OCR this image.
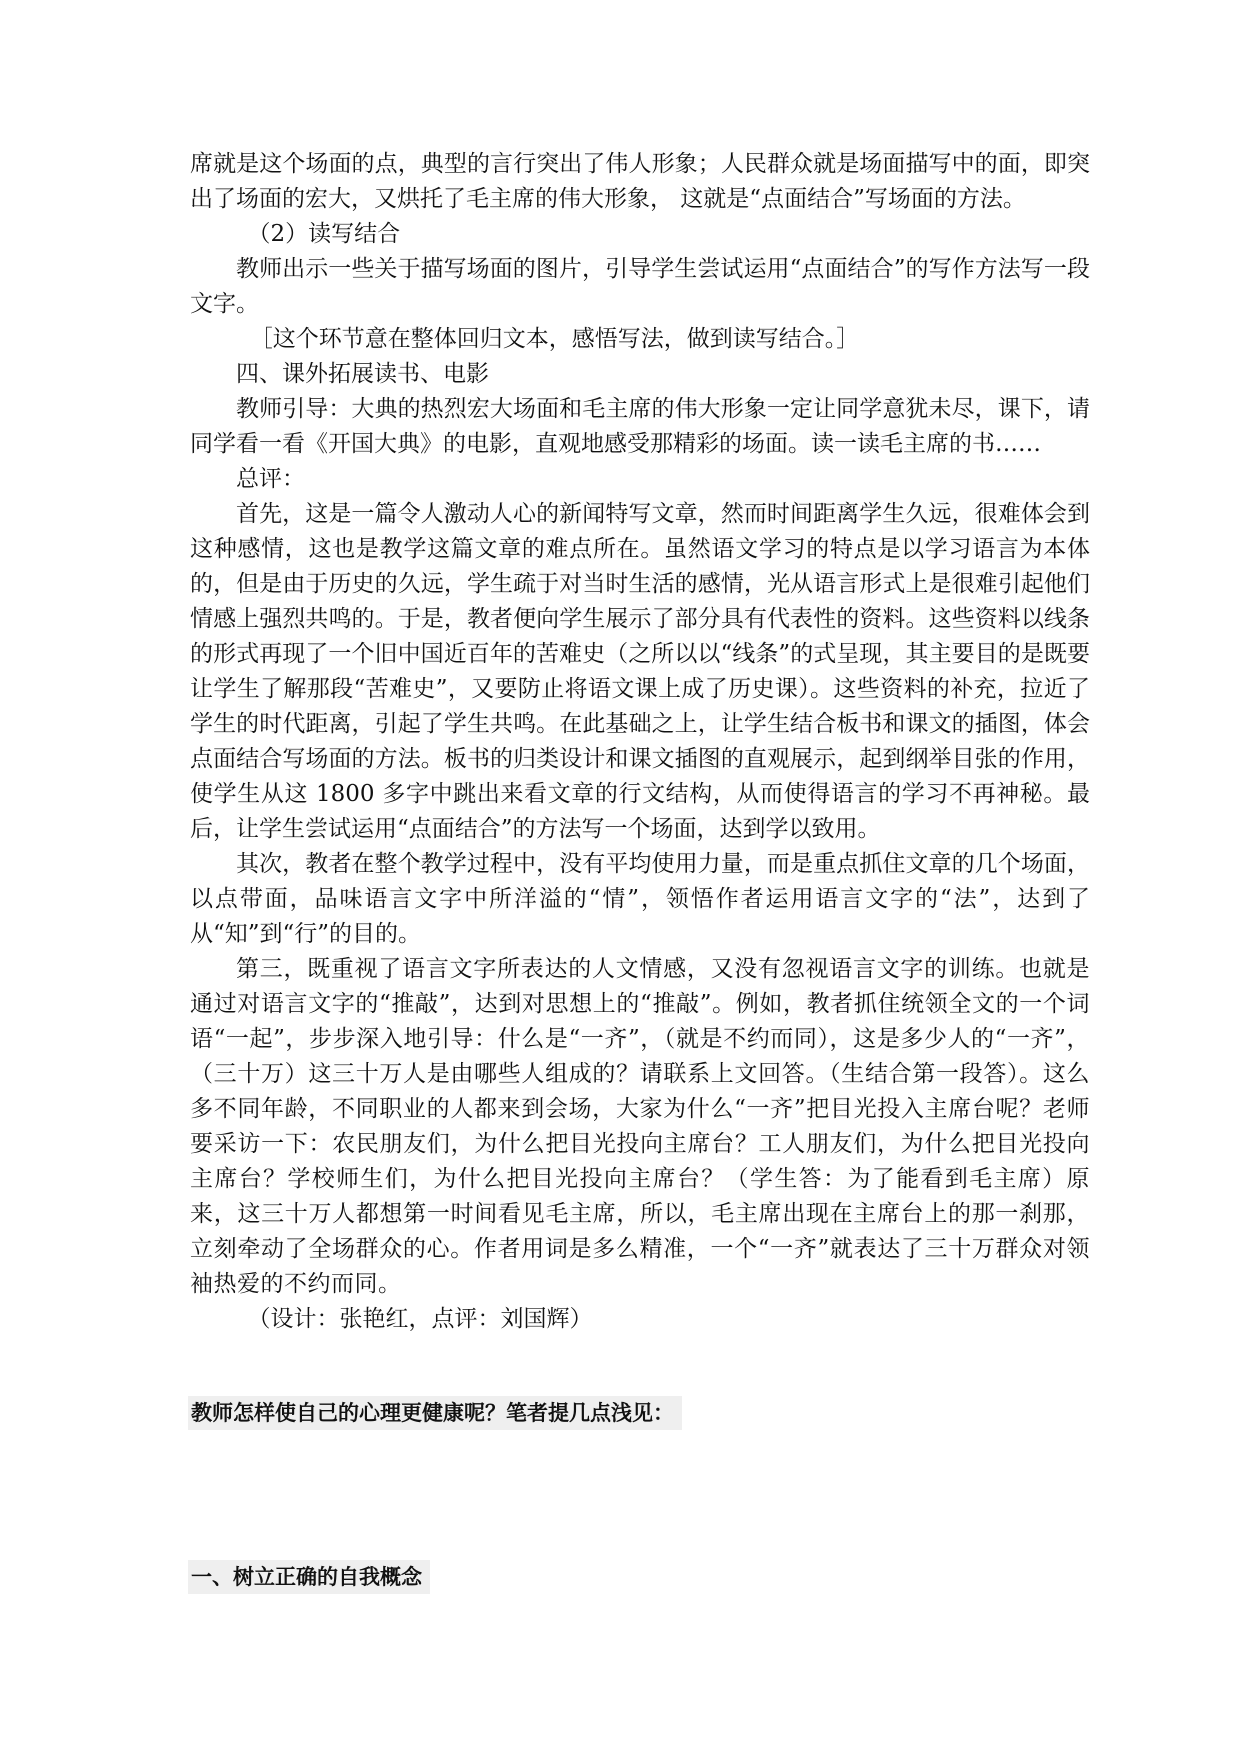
席就是这个场面的点，典型的言行突出了伟人形象；人民群众就是场面描写中的面，即突出了场面的宏大，又烘托了毛主席的伟大形象， 这就是“点面结合”写场面的方法。

（2）读写结合

教师出示一些关于描写场面的图片，引导学生尝试运用“点面结合”的写作方法写一段文字。

［这个环节意在整体回归文本，感悟写法，做到读写结合。］

四、课外拓展读书、电影

教师引导：大典的热烈宏大场面和毛主席的伟大形象一定让同学意犹未尽，课下，请同学看一看《开国大典》的电影，直观地感受那精彩的场面。读一读毛主席的书……

总评：

首先，这是一篇令人激动人心的新闻特写文章，然而时间距离学生久远，很难体会到这种感情，这也是教学这篇文章的难点所在。虽然语文学习的特点是以学习语言为本体的，但是由于历史的久远，学生疏于对当时生活的感情，光从语言形式上是很难引起他们情感上强烈共鸣的。于是，教者便向学生展示了部分具有代表性的资料。这些资料以线条的形式再现了一个旧中国近百年的苦难史（之所以以“线条”的式呈现，其主要目的是既要让学生了解那段“苦难史”，又要防止将语文课上成了历史课）。这些资料的补充，拉近了学生的时代距离，引起了学生共鸣。在此基础之上，让学生结合板书和课文的插图，体会点面结合写场面的方法。板书的归类设计和课文插图的直观展示，起到纲举目张的作用，使学生从这 1800 多字中跳出来看文章的行文结构，从而使得语言的学习不再神秘。最后，让学生尝试运用“点面结合”的方法写一个场面，达到学以致用。

其次，教者在整个教学过程中，没有平均使用力量，而是重点抓住文章的几个场面，以点带面，品味语言文字中所洋溢的“情”，领悟作者运用语言文字的“法”，达到了从“知”到“行”的目的。

第三，既重视了语言文字所表达的人文情感，又没有忽视语言文字的训练。也就是通过对语言文字的“推敲”，达到对思想上的“推敲”。例如，教者抓住统领全文的一个词语“一起”，步步深入地引导：什么是“一齐”，（就是不约而同），这是多少人的“一齐”，（三十万）这三十万人是由哪些人组成的？请联系上文回答。（生结合第一段答）。这么多不同年龄，不同职业的人都来到会场，大家为什么“一齐”把目光投入主席台呢？老师要采访一下：农民朋友们，为什么把目光投向主席台？工人朋友们，为什么把目光投向主席台？学校师生们，为什么把目光投向主席台？（学生答：为了能看到毛主席）原来，这三十万人都想第一时间看见毛主席，所以，毛主席出现在主席台上的那一刹那，立刻牵动了全场群众的心。作者用词是多么精准，一个“一齐”就表达了三十万群众对领袖热爱的不约而同。

（设计：张艳红，点评：刘国辉）

教师怎样使自己的心理更健康呢？笔者提几点浅见：
一、树立正确的自我概念
